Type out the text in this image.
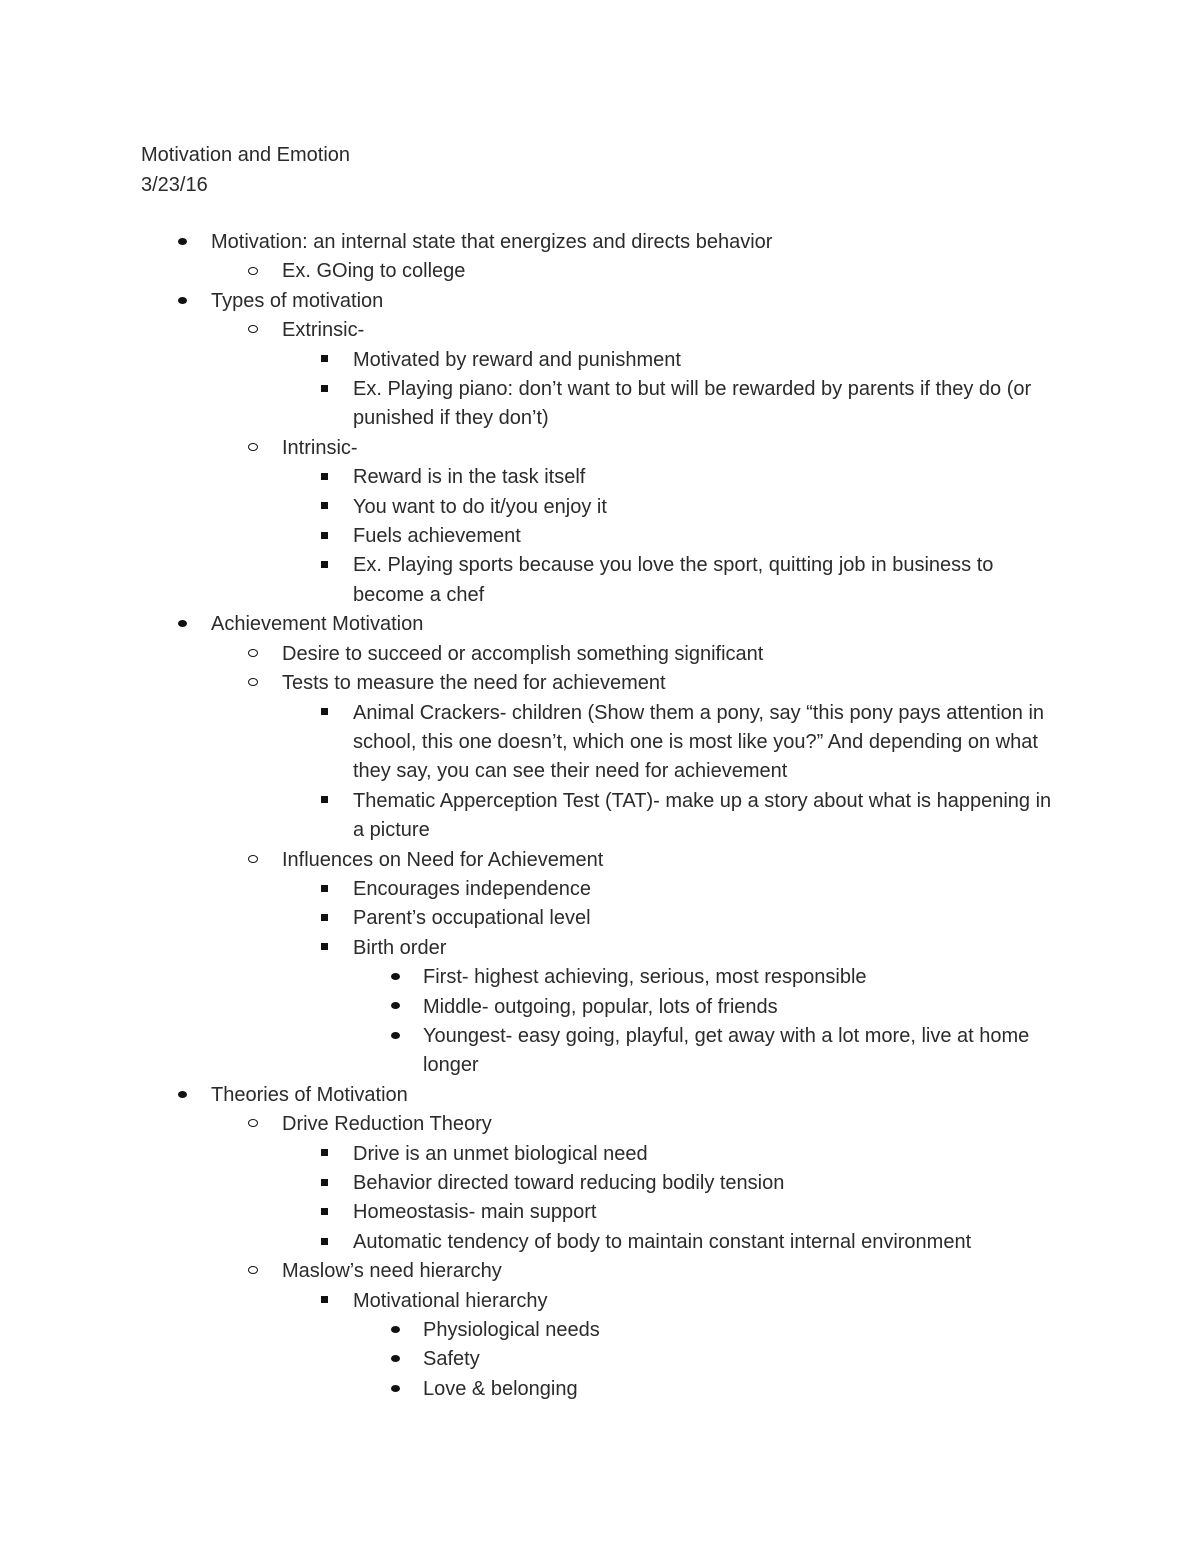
Motivation and Emotion
3/23/16
Motivation: an internal state that energizes and directs behavior
Ex. GOing to college
Types of motivation
Extrinsic-
Motivated by reward and punishment
Ex. Playing piano: don’t want to but will be rewarded by parents if they do (or punished if they don’t)
Intrinsic-
Reward is in the task itself
You want to do it/you enjoy it
Fuels achievement
Ex. Playing sports because you love the sport, quitting job in business to become a chef
Achievement Motivation
Desire to succeed or accomplish something significant
Tests to measure the need for achievement
Animal Crackers- children (Show them a pony, say “this pony pays attention in school, this one doesn’t, which one is most like you?” And depending on what they say, you can see their need for achievement
Thematic Apperception Test (TAT)- make up a story about what is happening in a picture
Influences on Need for Achievement
Encourages independence
Parent’s occupational level
Birth order
First- highest achieving, serious, most responsible
Middle- outgoing, popular, lots of friends
Youngest- easy going, playful, get away with a lot more, live at home longer
Theories of Motivation
Drive Reduction Theory
Drive is an unmet biological need
Behavior directed toward reducing bodily tension
Homeostasis- main support
Automatic tendency of body to maintain constant internal environment
Maslow’s need hierarchy
Motivational hierarchy
Physiological needs
Safety
Love & belonging
